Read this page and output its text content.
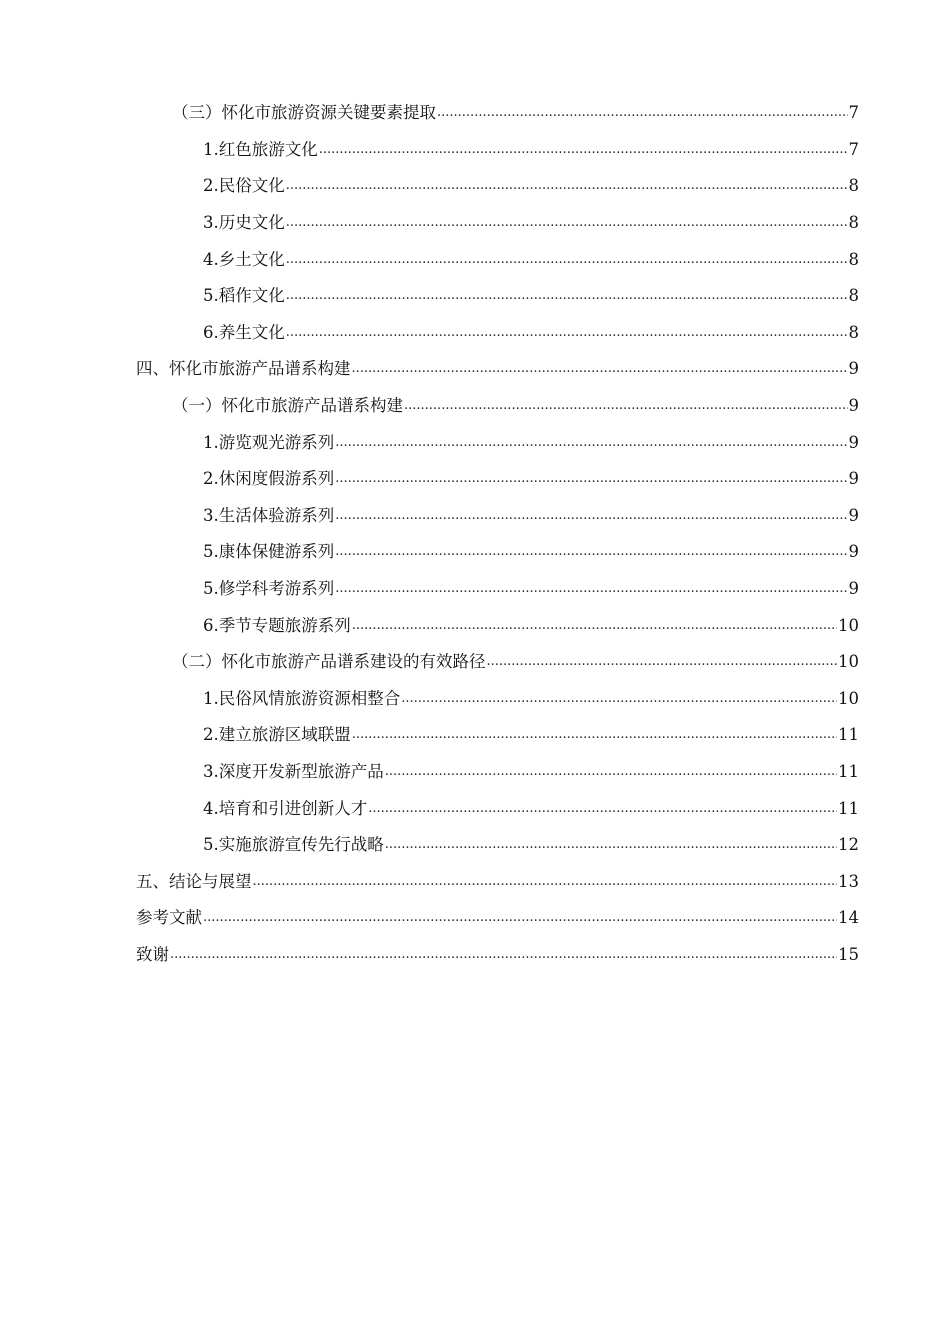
（三）怀化市旅游资源关键要素提取 .....	7
1.红色旅游文化 .....	7
2.民俗文化 .....	8
3.历史文化 .....	8
4.乡土文化 .....	8
5.稻作文化 .....	8
6.养生文化 .....	8
四、怀化市旅游产品谱系构建 .....	9
（一）怀化市旅游产品谱系构建 .....	9
1.游览观光游系列 .....	9
2.休闲度假游系列 .....	9
3.生活体验游系列 .....	9
5.康体保健游系列 .....	9
5.修学科考游系列 .....	9
6.季节专题旅游系列 .....	10
（二）怀化市旅游产品谱系建设的有效路径 .....	10
1.民俗风情旅游资源相整合 .....	10
2.建立旅游区域联盟 .....	11
3.深度开发新型旅游产品 .....	11
4.培育和引进创新人才 .....	11
5.实施旅游宣传先行战略 .....	12
五、结论与展望 .....	13
参考文献 .....	14
致谢 .....	15
